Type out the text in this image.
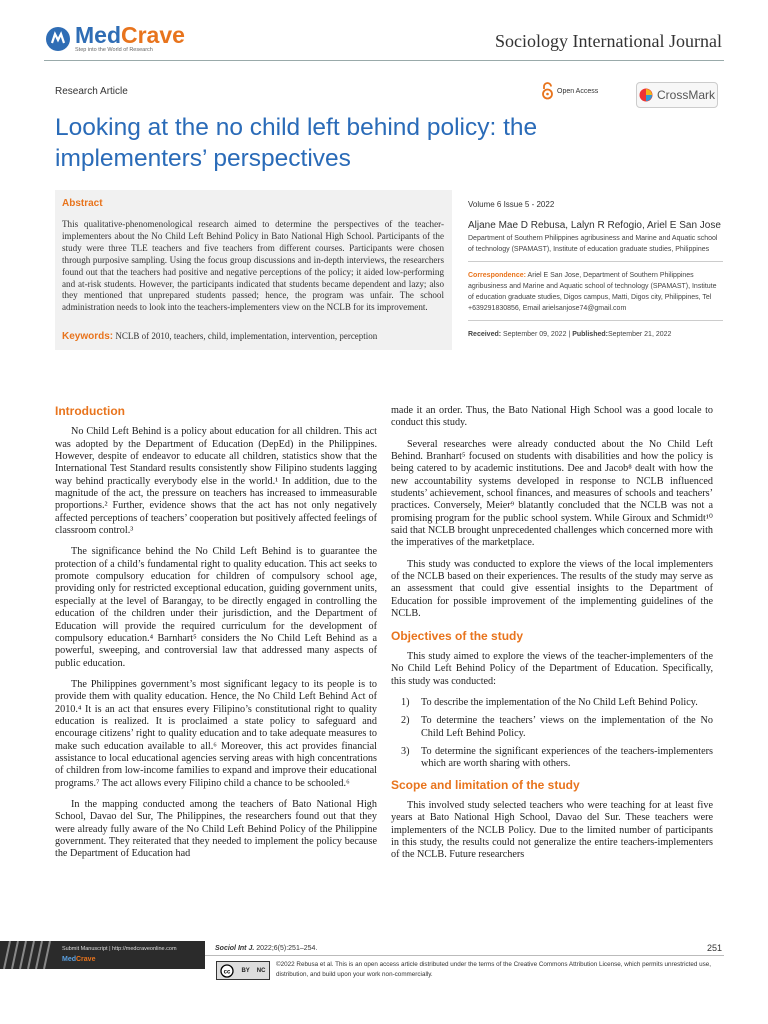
MedCrave
Step into the World of Research	Sociology International Journal
Research Article	Open Access	CrossMark
Looking at the no child left behind policy: the implementers’ perspectives
Abstract
This qualitative-phenomenological research aimed to determine the perspectives of the teacher-implementers about the No Child Left Behind Policy in Bato National High School. Participants of the study were three TLE teachers and five teachers from different courses. Participants were chosen through purposive sampling. Using the focus group discussions and in-depth interviews, the researchers found out that the teachers had positive and negative perceptions of the policy; it aided low-performing and at-risk students. However, the participants indicated that students became dependent and lazy; also they mentioned that unprepared students passed; hence, the program was unfair. The school administration needs to look into the teachers-implementers view on the NCLB for its improvement.
Keywords: NCLB of 2010, teachers, child, implementation, intervention, perception
Volume 6 Issue 5 - 2022
Aljane Mae D Rebusa, Lalyn R Refogio, Ariel E San Jose
Department of Southern Philippines agribusiness and Marine and Aquatic school of technology (SPAMAST), Institute of education graduate studies, Philippines
Correspondence: Ariel E San Jose, Department of Southern Philippines agribusiness and Marine and Aquatic school of technology (SPAMAST), Institute of education graduate studies, Digos campus, Matti, Digos city, Philippines, Tel +639291830856, Email arielsanjose74@gmail.com
Received: September 09, 2022 | Published:September 21, 2022

Introduction

No Child Left Behind is a policy about education for all children. This act was adopted by the Department of Education (DepEd) in the Philippines. However, despite of endeavor to educate all children, statistics show that the International Test Standard results consistently show Filipino students lagging way behind practically everybody else in the world.¹ In addition, due to the magnitude of the act, the pressure on teachers has increased to immeasurable proportions.² Further, evidence shows that the act has not only negatively affected perceptions of teachers’ cooperation but positively affected feelings of classroom control.³

The significance behind the No Child Left Behind is to guarantee the protection of a child’s fundamental right to quality education. This act seeks to promote compulsory education for children of compulsory school age, providing only for restricted exceptional education, guiding government units, especially at the level of Barangay, to be directly engaged in controlling the education of the children under their jurisdiction, and the Department of Education will provide the required curriculum for the development of compulsory education.⁴ Barnhart⁵ considers the No Child Left Behind as a powerful, sweeping, and controversial law that addressed many aspects of public education.

The Philippines government’s most significant legacy to its people is to provide them with quality education. Hence, the No Child Left Behind Act of 2010.⁴ It is an act that ensures every Filipino’s constitutional right to quality education is realized. It is proclaimed a state policy to safeguard and encourage citizens’ right to quality education and to take adequate measures to make such education available to all.⁶ Moreover, this act provides financial assistance to local educational agencies serving areas with high concentrations of children from low-income families to expand and improve their educational programs.⁷ The act allows every Filipino child a chance to be schooled.⁶

In the mapping conducted among the teachers of Bato National High School, Davao del Sur, The Philippines, the researchers found out that they were already fully aware of the No Child Left Behind Policy of the Philippine government. They reiterated that they needed to implement the policy because the Department of Education had

made it an order. Thus, the Bato National High School was a good locale to conduct this study.

Several researches were already conducted about the No Child Left Behind. Branhart⁵ focused on students with disabilities and how the policy is being catered to by academic institutions. Dee and Jacob⁸ dealt with how the new accountability systems developed in response to NCLB influenced students’ achievement, school finances, and measures of schools and teachers’ practices. Conversely, Meier⁹ blatantly concluded that the NCLB was not a promising program for the public school system. While Giroux and Schmidt¹⁰ said that NCLB brought unprecedented challenges which concerned more with the imperatives of the marketplace.

This study was conducted to explore the views of the local implementers of the NCLB based on their experiences. The results of the study may serve as an assessment that could give essential insights to the Department of Education for possible improvement of the implementing guidelines of the NCLB.

Objectives of the study

This study aimed to explore the views of the teacher-implementers of the No Child Left Behind Policy of the Department of Education. Specifically, this study was conducted:

1)	To describe the implementation of the No Child Left Behind Policy.
2)	To determine the teachers’ views on the implementation of the No Child Left Behind Policy.
3)	To determine the significant experiences of the teachers-implementers which are worth sharing with others.

Scope and limitation of the study

This involved study selected teachers who were teaching for at least five years at Bato National High School, Davao del Sur. These teachers were implementers of the NCLB Policy. Due to the limited number of participants in this study, the results could not generalize the entire teachers-implementers of the NCLB. Future researchers

Submit Manuscript | http://medcraveonline.com
MedCrave
Sociol Int J. 2022;6(5):251‒254.	251
cc BY NC
©2022 Rebusa et al. This is an open access article distributed under the terms of the Creative Commons Attribution License, which permits unrestricted use, distribution, and build upon your work non-commercially.
